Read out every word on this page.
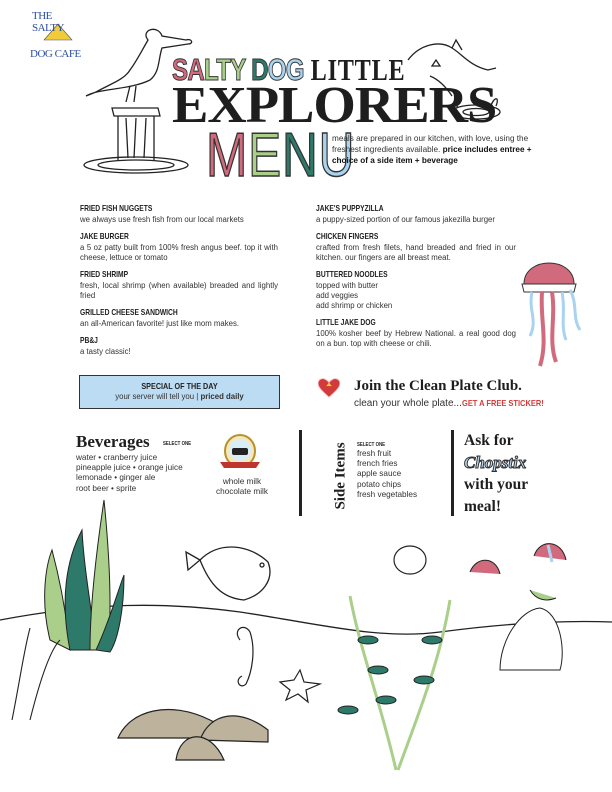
THE SALTY
DOG CAFE	SALTY DOG LITTLE
EXPLORERS
MENU
meals are prepared in our kitchen, with love, using the freshest ingredients available. price includes entree + choice of a side item + beverage
FRIED FISH NUGGETS
we always use fresh fish from our local markets
JAKE BURGER
a 5 oz patty built from 100% fresh angus beef. top it with cheese, lettuce or tomato
FRIED SHRIMP
fresh, local shrimp (when available) breaded and lightly fried
GRILLED CHEESE SANDWICH
an all-American favorite! just like mom makes.
PB&J
a tasty classic!
JAKE'S PUPPYZILLA
a puppy-sized portion of our famous jakezilla burger
CHICKEN FINGERS
crafted from fresh filets, hand breaded and fried in our kitchen. our fingers are all breast meat.
BUTTERED NOODLES
topped with butter
add veggies
add shrimp or chicken
LITTLE JAKE DOG
100% kosher beef by Hebrew National. a real good dog on a bun. top with cheese or chili.
SPECIAL OF THE DAY
your server will tell you | priced daily
Join the Clean Plate Club.
clean your whole plate...GET A FREE STICKER!
Beverages SELECT ONE
water • cranberry juice
pineapple juice • orange juice
lemonade • ginger ale
root beer • sprite
whole milk
chocolate milk	Side Items SELECT ONE
fresh fruit
french fries
apple sauce
potato chips
fresh vegetables
Ask for
Chopstix
with your
meal!
